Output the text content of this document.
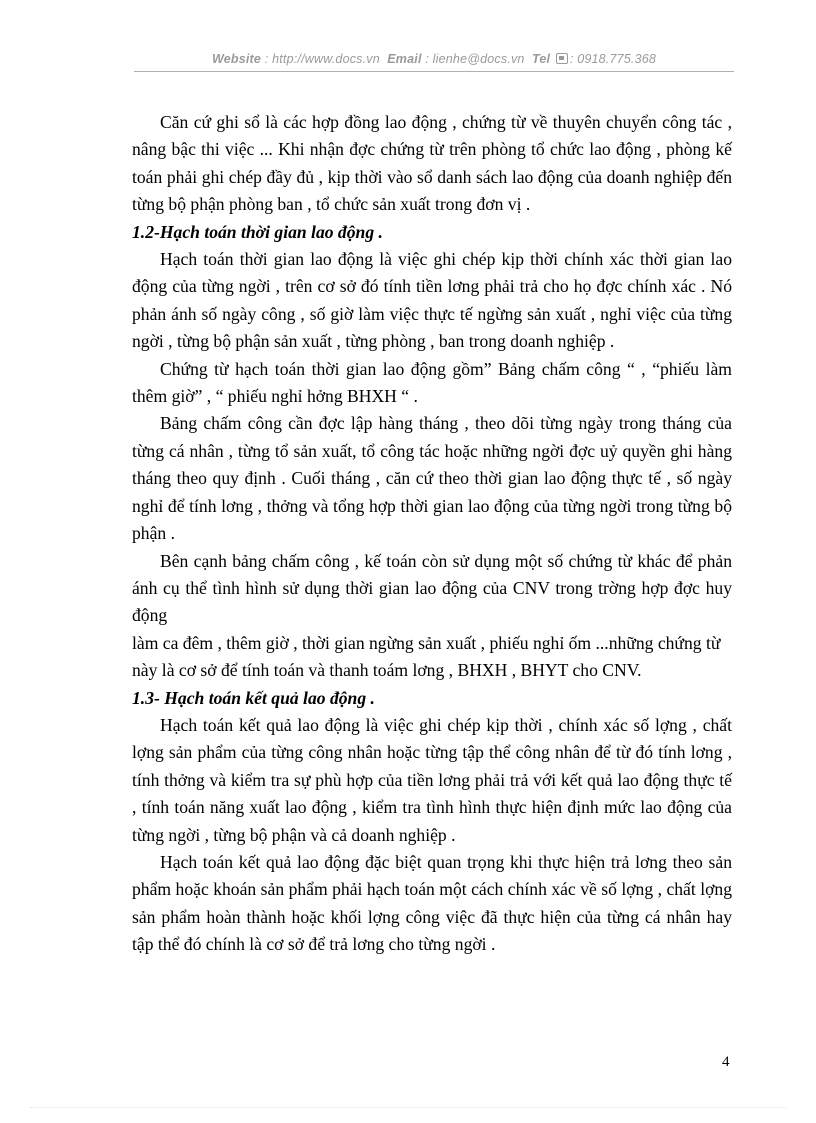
Website : http://www.docs.vn Email : lienhe@docs.vn Tel : 0918.775.368

Căn cứ ghi sổ là các hợp đồng lao động , chứng từ về thuyên chuyển công tác , nâng bậc thi việc ... Khi nhận đợc chứng từ trên phòng tổ chức lao động , phòng kế toán phải ghi chép đầy đủ , kịp thời vào sổ danh sách lao động của doanh nghiệp đến từng bộ phận phòng ban , tổ chức sản xuất trong đơn vị .

1.2-Hạch toán thời gian lao động .

Hạch toán thời gian lao động là việc ghi chép kịp thời chính xác thời gian lao động của từng ngời , trên cơ sở đó tính tiền lơng phải trả cho họ đợc chính xác . Nó phản ánh số ngày công , số giờ làm việc thực tế ngừng sản xuất , nghỉ việc của từng ngời , từng bộ phận sản xuất , từng phòng , ban trong doanh nghiệp .

Chứng từ hạch toán thời gian lao động gồm” Bảng chấm công “ , “phiếu làm thêm giờ” , “ phiếu nghỉ hởng BHXH “ .

Bảng chấm công cần đợc lập hàng tháng , theo dõi từng ngày trong tháng của từng cá nhân , từng tổ sản xuất, tổ công tác hoặc những ngời đợc uỷ quyền ghi hàng tháng theo quy định . Cuối tháng , căn cứ theo thời gian lao động thực tế , số ngày nghỉ để tính lơng , thởng và tổng hợp thời gian lao động của từng ngời trong từng bộ phận .

Bên cạnh bảng chấm công , kế toán còn sử dụng một số chứng từ khác để phản ánh cụ thể tình hình sử dụng thời gian lao động của CNV trong trờng hợp đợc huy động

làm ca đêm , thêm giờ , thời gian ngừng sản xuất , phiếu nghỉ ốm ...những chứng từ

này là cơ sở để tính toán và thanh toám lơng , BHXH , BHYT cho CNV.

1.3- Hạch toán kết quả lao động .

Hạch toán kết quả lao động là việc ghi chép kịp thời , chính xác số lợng , chất lợng sản phẩm của từng công nhân hoặc từng tập thể công nhân để từ đó tính lơng , tính thởng và kiểm tra sự phù hợp của tiền lơng phải trả với kết quả lao động thực tế , tính toán năng xuất lao động , kiểm tra tình hình thực hiện định mức lao động của từng ngời , từng bộ phận và cả doanh nghiệp .

Hạch toán kết quả lao động đặc biệt quan trọng khi thực hiện trả lơng theo sản phẩm hoặc khoán sản phẩm phải hạch toán một cách chính xác về số lợng , chất lợng sản phẩm hoàn thành hoặc khối lợng công việc đã thực hiện của từng cá nhân hay tập thể đó chính là cơ sở để trả lơng cho từng ngời .

4
